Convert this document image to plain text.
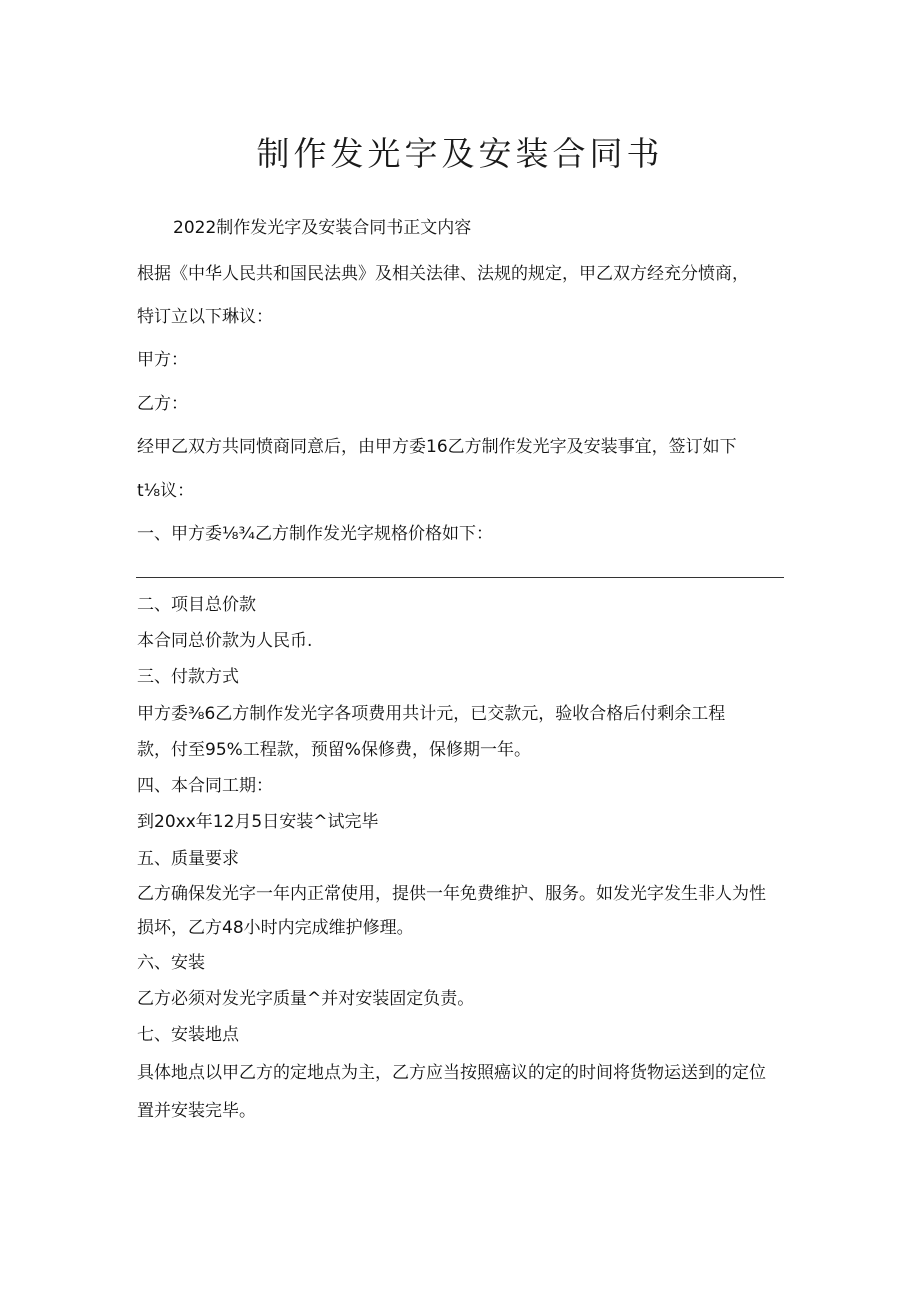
制作发光字及安装合同书
2022制作发光字及安装合同书正文内容
根据《中华人民共和国民法典》及相关法律、法规的规定，甲乙双方经充分愤商，
特订立以下琳议：
甲方：
乙方：
经甲乙双方共同愤商同意后，由甲方委16乙方制作发光字及安装事宜，签订如下
t⅛议：
一、甲方委⅛¾乙方制作发光字规格价格如下：
二、项目总价款
本合同总价款为人民币.
三、付款方式
甲方委⅜6乙方制作发光字各项费用共计元，已交款元，验收合格后付剩余工程
款，付至95%工程款，预留%保修费，保修期一年。
四、本合同工期：
到20xx年12月5日安装^试完毕
五、质量要求
乙方确保发光字一年内正常使用，提供一年免费维护、服务。如发光字发生非人为性
损坏，乙方48小时内完成维护修理。
六、安装
乙方必须对发光字质量^并对安装固定负责。
七、安装地点
具体地点以甲乙方的定地点为主，乙方应当按照癌议的定的时间将货物运送到的定位
置并安装完毕。
